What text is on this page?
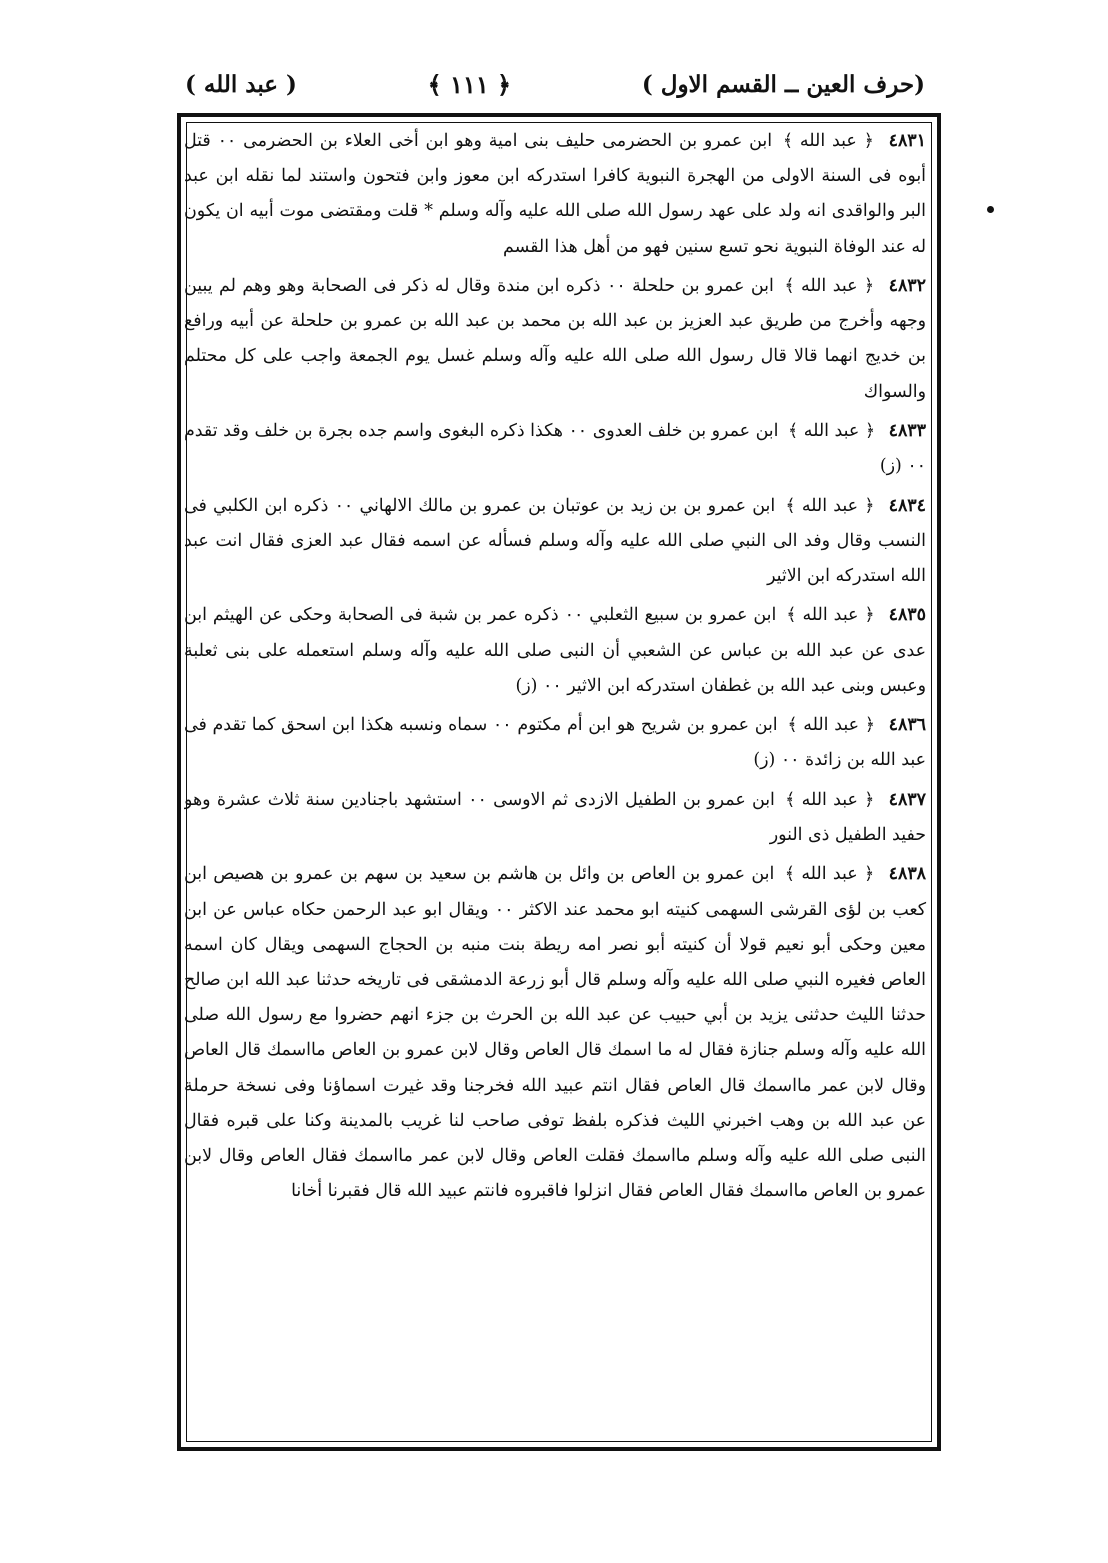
(حرف العين ــ القسم الاول )
﴿ ١١١ ﴾
( عبد الله )

٤٨٣١ ﴿ عبد الله ﴾ ابن عمرو بن الحضرمى حليف بنى امية وهو ابن أخى العلاء بن الحضرمى ٠٠ قتل أبوه فى السنة الاولى من الهجرة النبوية كافرا استدركه ابن معوز وابن فتحون واستند لما نقله ابن عبد البر والواقدى انه ولد على عهد رسول الله صلى الله عليه وآله وسلم * قلت ومقتضى موت أبيه ان يكون له عند الوفاة النبوية نحو تسع سنين فهو من أهل هذا القسم

٤٨٣٢ ﴿ عبد الله ﴾ ابن عمرو بن حلحلة ٠٠ ذكره ابن مندة وقال له ذكر فى الصحابة وهو وهم لم يبين وجهه وأخرج من طريق عبد العزيز بن عبد الله بن محمد بن عبد الله بن عمرو بن حلحلة عن أبيه ورافع بن خديج انهما قالا قال رسول الله صلى الله عليه وآله وسلم غسل يوم الجمعة واجب على كل محتلم والسواك

٤٨٣٣ ﴿ عبد الله ﴾ ابن عمرو بن خلف العدوى ٠٠ هكذا ذكره البغوى واسم جده بجرة بن خلف وقد تقدم ٠٠ (ز)

٤٨٣٤ ﴿ عبد الله ﴾ ابن عمرو بن بن زيد بن عوتبان بن عمرو بن مالك الالهاني ٠٠ ذكره ابن الكلبي فى النسب وقال وفد الى النبي صلى الله عليه وآله وسلم فسأله عن اسمه فقال عبد العزى فقال انت عبد الله استدركه ابن الاثير

٤٨٣٥ ﴿ عبد الله ﴾ ابن عمرو بن سبيع الثعلبي ٠٠ ذكره عمر بن شبة فى الصحابة وحكى عن الهيثم ابن عدى عن عبد الله بن عباس عن الشعبي أن النبى صلى الله عليه وآله وسلم استعمله على بنى ثعلبة وعبس وبنى عبد الله بن غطفان استدركه ابن الاثير ٠٠ (ز)

٤٨٣٦ ﴿ عبد الله ﴾ ابن عمرو بن شريح هو ابن أم مكتوم ٠٠ سماه ونسبه هكذا ابن اسحق كما تقدم فى عبد الله بن زائدة ٠٠ (ز)

٤٨٣٧ ﴿ عبد الله ﴾ ابن عمرو بن الطفيل الازدى ثم الاوسى ٠٠ استشهد باجنادين سنة ثلاث عشرة وهو حفيد الطفيل ذى النور

٤٨٣٨ ﴿ عبد الله ﴾ ابن عمرو بن العاص بن وائل بن هاشم بن سعيد بن سهم بن عمرو بن هصيص ابن كعب بن لؤى القرشى السهمى كنيته ابو محمد عند الاكثر ٠٠ ويقال ابو عبد الرحمن حكاه عباس عن ابن معين وحكى أبو نعيم قولا أن كنيته أبو نصر امه ريطة بنت منبه بن الحجاج السهمى ويقال كان اسمه العاص فغيره النبي صلى الله عليه وآله وسلم قال أبو زرعة الدمشقى فى تاريخه حدثنا عبد الله ابن صالح حدثنا الليث حدثنى يزيد بن أبي حبيب عن عبد الله بن الحرث بن جزء انهم حضروا مع رسول الله صلى الله عليه وآله وسلم جنازة فقال له ما اسمك قال العاص وقال لابن عمرو بن العاص مااسمك قال العاص وقال لابن عمر مااسمك قال العاص فقال انتم عبيد الله فخرجنا وقد غيرت اسماؤنا وفى نسخة حرملة عن عبد الله بن وهب اخبرني الليث فذكره بلفظ توفى صاحب لنا غريب بالمدينة وكنا على قبره فقال النبى صلى الله عليه وآله وسلم مااسمك فقلت العاص وقال لابن عمر مااسمك فقال العاص وقال لابن عمرو بن العاص مااسمك فقال العاص فقال انزلوا فاقبروه فانتم عبيد الله قال فقبرنا أخانا
